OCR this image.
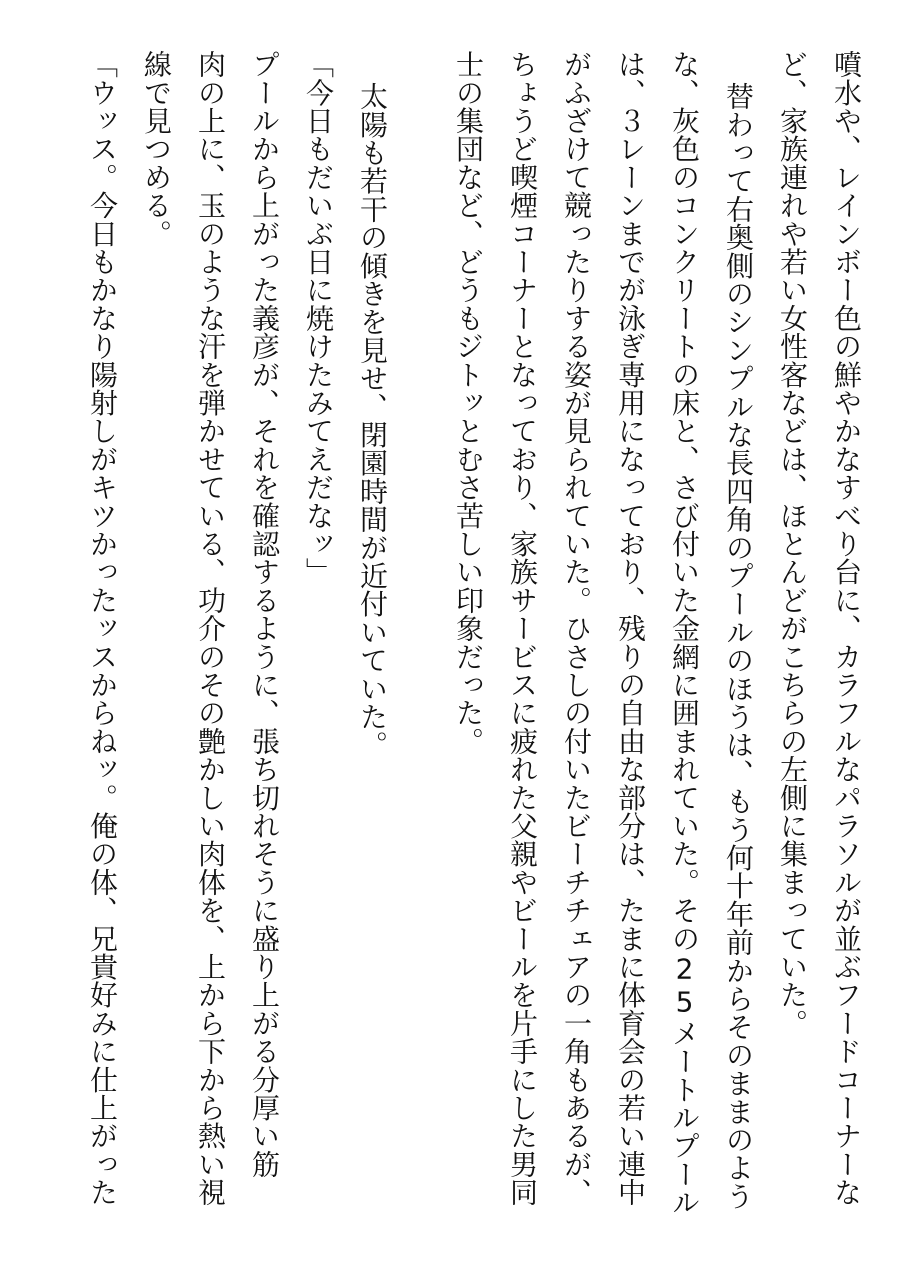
噴水や、レインボー色の鮮やかなすべり台に、カラフルなパラソルが並ぶフードコーナーな
ど、家族連れや若い女性客などは、ほとんどがこちらの左側に集まっていた。
替わって右奥側のシンプルな長四角のプールのほうは、もう何十年前からそのままのよう
な、灰色のコンクリートの床と、さび付いた金網に囲まれていた。その25メートルプール
は、３レーンまでが泳ぎ専用になっており、残りの自由な部分は、たまに体育会の若い連中
がふざけて競ったりする姿が見られていた。ひさしの付いたビーチチェアの一角もあるが、
ちょうど喫煙コーナーとなっており、家族サービスに疲れた父親やビールを片手にした男同
士の集団など、どうもジトッとむさ苦しい印象だった。
太陽も若干の傾きを見せ、閉園時間が近付いていた。
「今日もだいぶ日に焼けたみてえだなッ」
プールから上がった義彦が、それを確認するように、張ち切れそうに盛り上がる分厚い筋
肉の上に、玉のような汗を弾かせている、功介のその艶かしい肉体を、上から下から熱い視
線で見つめる。
「ウッス。今日もかなり陽射しがキツかったッスからねッ。俺の体、兄貴好みに仕上がった
